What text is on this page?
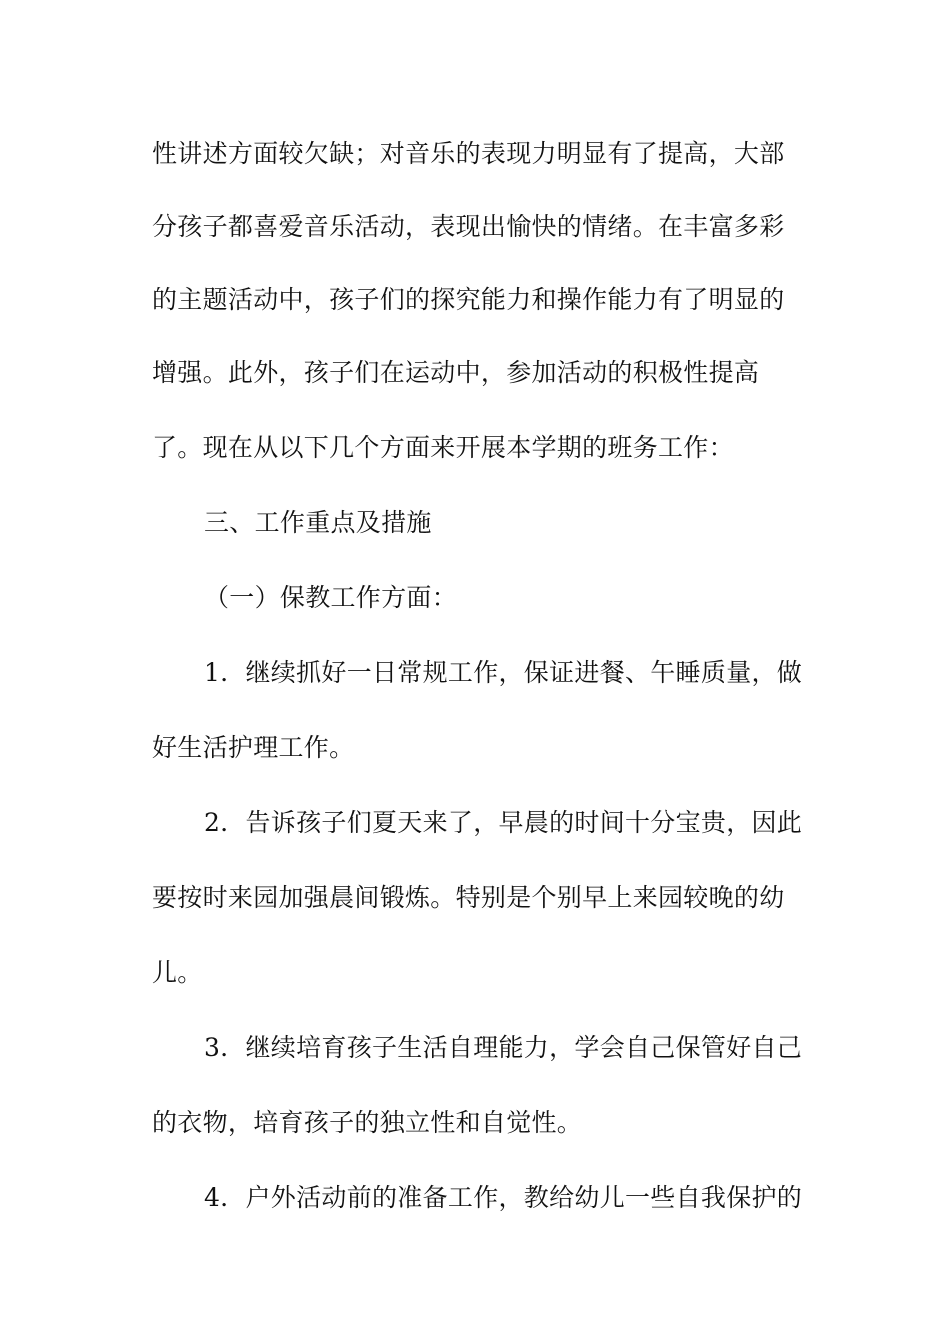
性讲述方面较欠缺；对音乐的表现力明显有了提高，大部
分孩子都喜爱音乐活动，表现出愉快的情绪。在丰富多彩
的主题活动中，孩子们的探究能力和操作能力有了明显的
增强。此外，孩子们在运动中，参加活动的积极性提高
了。现在从以下几个方面来开展本学期的班务工作：
三、工作重点及措施
（一）保教工作方面：
1．继续抓好一日常规工作，保证进餐、午睡质量，做
好生活护理工作。
2．告诉孩子们夏天来了，早晨的时间十分宝贵，因此
要按时来园加强晨间锻炼。特别是个别早上来园较晚的幼
儿。
3．继续培育孩子生活自理能力，学会自己保管好自己
的衣物，培育孩子的独立性和自觉性。
4．户外活动前的准备工作，教给幼儿一些自我保护的
